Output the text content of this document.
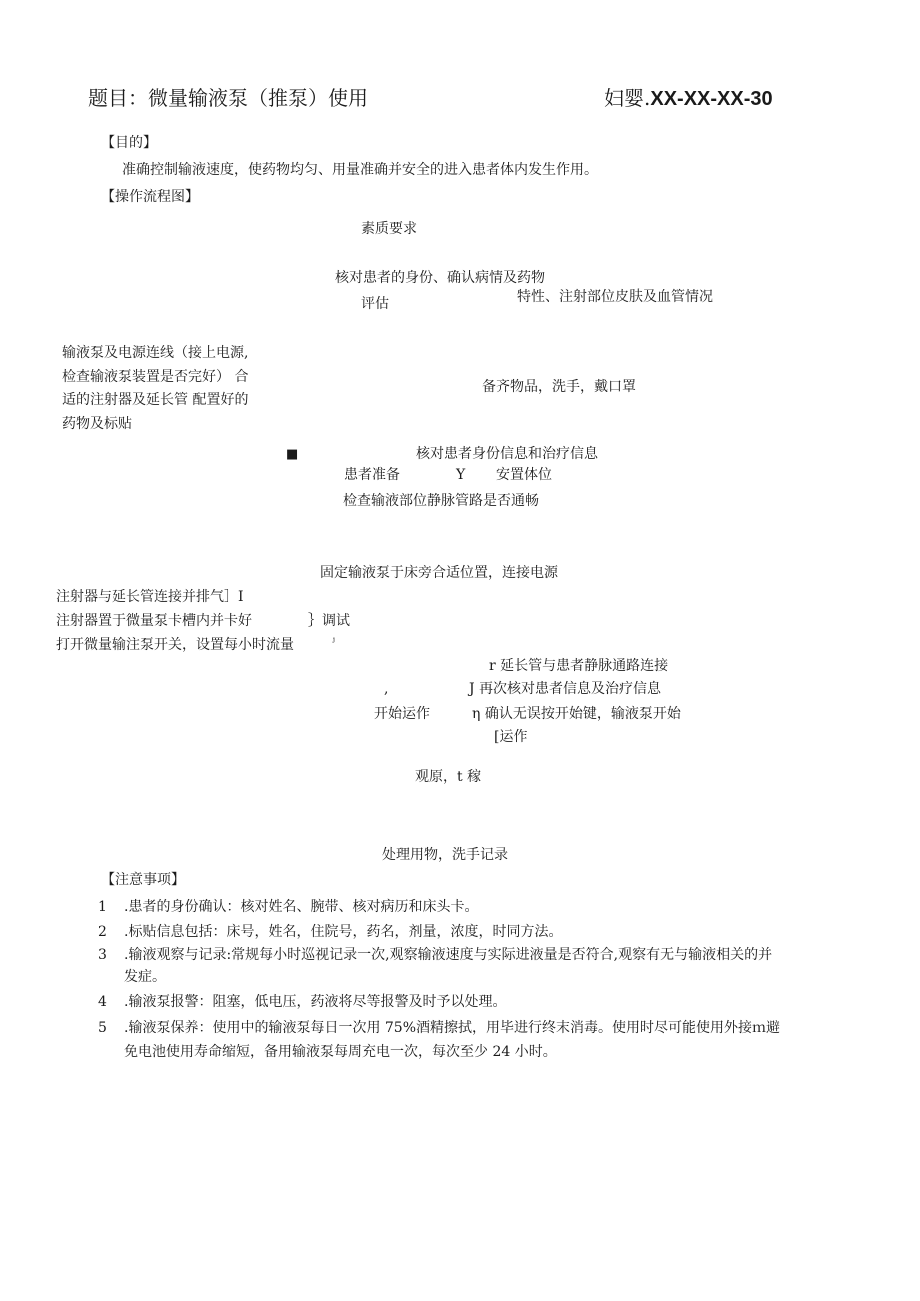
题目：微量输液泵（推泵）使用	妇婴.XX-XX-XX-30
【目的】
准确控制输液速度，使药物均匀、用量准确并安全的进入患者体内发生作用。
【操作流程图】
素质要求
核对患者的身份、确认病情及药物
评估	特性、注射部位皮肤及血管情况
输液泵及电源连线（接上电源,
检查输液泵装置是否完好） 合
适的注射器及延长管 配置好的
药物及标贴
备齐物品，洗手，戴口罩
■	核对患者身份信息和治疗信息
患者准备	Y 安置体位
检查输液部位静脉管路是否通畅
固定输液泵于床旁合适位置，连接电源
注射器与延长管连接并排气］I
注射器置于微量泵卡槽内并卡好	｝调试
打开微量输注泵开关，设置每小时流量	ʲ
r 延长管与患者静脉通路连接
,	J 再次核对患者信息及治疗信息
开始运作	η 确认无误按开始键，输液泵开始
[运作
观原，t 稼
处理用物，洗手记录
【注意事项】
1 .患者的身份确认：核对姓名、腕带、核对病历和床头卡。
2 .标贴信息包括：床号，姓名，住院号，药名，剂量，浓度，时同方法。
3 .输液观察与记录:常规每小时巡视记录一次,观察输液速度与实际进液量是否符合,观察有无与输液相关的并
发症。
4 .输液泵报警：阻塞，低电压，药液将尽等报警及时予以处理。
5 .输液泵保养：使用中的输液泵每日一次用 75%酒精擦拭，用毕进行终末消毒。使用时尽可能使用外接ｍ避
免电池使用寿命缩短，备用输液泵每周充电一次，每次至少 24 小时。
